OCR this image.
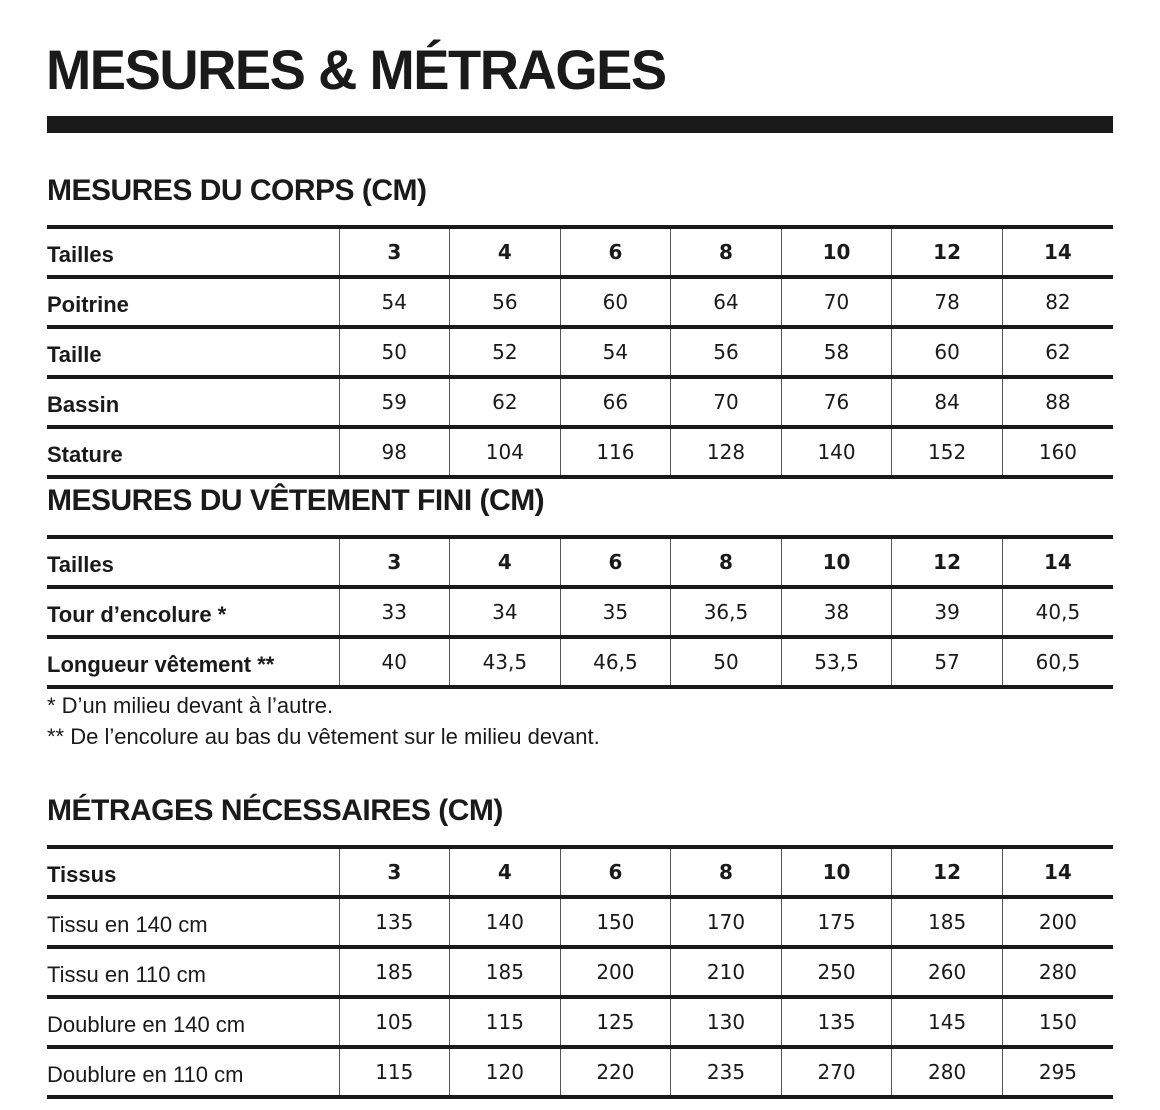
MESURES & MÉTRAGES
MESURES DU CORPS (CM)
Tailles	3	4	6	8	10	12	14
Poitrine	54	56	60	64	70	78	82
Taille	50	52	54	56	58	60	62
Bassin	59	62	66	70	76	84	88
Stature	98	104	116	128	140	152	160
MESURES DU VÊTEMENT FINI (CM)
Tailles	3	4	6	8	10	12	14
Tour d’encolure *	33	34	35	36,5	38	39	40,5
Longueur vêtement **	40	43,5	46,5	50	53,5	57	60,5
* D’un milieu devant à l’autre.
** De l’encolure au bas du vêtement sur le milieu devant.
MÉTRAGES NÉCESSAIRES (CM)
Tissus	3	4	6	8	10	12	14
Tissu en 140 cm	135	140	150	170	175	185	200
Tissu en 110 cm	185	185	200	210	250	260	280
Doublure en 140 cm	105	115	125	130	135	145	150
Doublure en 110 cm	115	120	220	235	270	280	295
